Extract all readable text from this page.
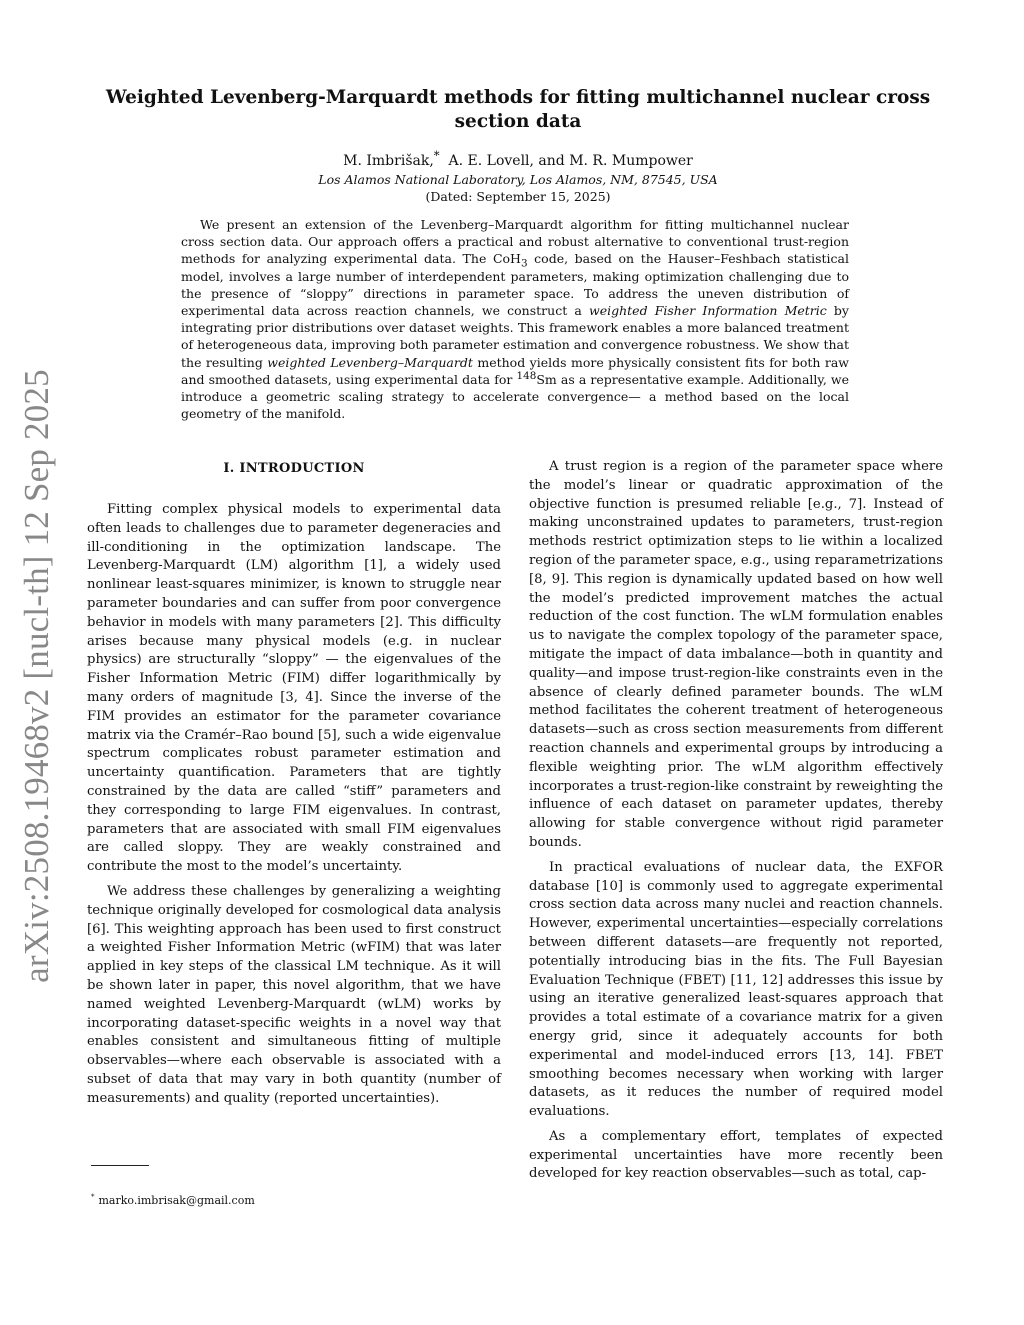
arXiv:2508.19468v2 [nucl-th] 12 Sep 2025
Weighted Levenberg-Marquardt methods for fitting multichannel nuclear cross section data
M. Imbrišak,* A. E. Lovell, and M. R. Mumpower
Los Alamos National Laboratory, Los Alamos, NM, 87545, USA
(Dated: September 15, 2025)

We present an extension of the Levenberg–Marquardt algorithm for fitting multichannel nuclear cross section data. Our approach offers a practical and robust alternative to conventional trust-region methods for analyzing experimental data. The CoH$_3$ code, based on the Hauser–Feshbach statistical model, involves a large number of interdependent parameters, making optimization challenging due to the presence of “sloppy” directions in parameter space. To address the uneven distribution of experimental data across reaction channels, we construct a weighted Fisher Information Metric by integrating prior distributions over dataset weights. This framework enables a more balanced treatment of heterogeneous data, improving both parameter estimation and convergence robustness. We show that the resulting weighted Levenberg–Marquardt method yields more physically consistent fits for both raw and smoothed datasets, using experimental data for $^{148}$Sm as a representative example. Additionally, we introduce a geometric scaling strategy to accelerate convergence— a method based on the local geometry of the manifold.

I. INTRODUCTION

Fitting complex physical models to experimental data often leads to challenges due to parameter degeneracies and ill-conditioning in the optimization landscape. The Levenberg-Marquardt (LM) algorithm [1], a widely used nonlinear least-squares minimizer, is known to struggle near parameter boundaries and can suffer from poor convergence behavior in models with many parameters [2]. This difficulty arises because many physical models (e.g. in nuclear physics) are structurally “sloppy” — the eigenvalues of the Fisher Information Metric (FIM) differ logarithmically by many orders of magnitude [3, 4]. Since the inverse of the FIM provides an estimator for the parameter covariance matrix via the Cramér–Rao bound [5], such a wide eigenvalue spectrum complicates robust parameter estimation and uncertainty quantification. Parameters that are tightly constrained by the data are called “stiff” parameters and they corresponding to large FIM eigenvalues. In contrast, parameters that are associated with small FIM eigenvalues are called sloppy. They are weakly constrained and contribute the most to the model’s uncertainty.

We address these challenges by generalizing a weighting technique originally developed for cosmological data analysis [6]. This weighting approach has been used to first construct a weighted Fisher Information Metric (wFIM) that was later applied in key steps of the classical LM technique. As it will be shown later in paper, this novel algorithm, that we have named weighted Levenberg-Marquardt (wLM) works by incorporating dataset-specific weights in a novel way that enables consistent and simultaneous fitting of multiple observables—where each observable is associated with a subset of data that may vary in both quantity (number of measurements) and quality (reported uncertainties).

A trust region is a region of the parameter space where the model’s linear or quadratic approximation of the objective function is presumed reliable [e.g., 7]. Instead of making unconstrained updates to parameters, trust-region methods restrict optimization steps to lie within a localized region of the parameter space, e.g., using reparametrizations [8, 9]. This region is dynamically updated based on how well the model’s predicted improvement matches the actual reduction of the cost function. The wLM formulation enables us to navigate the complex topology of the parameter space, mitigate the impact of data imbalance—both in quantity and quality—and impose trust-region-like constraints even in the absence of clearly defined parameter bounds. The wLM method facilitates the coherent treatment of heterogeneous datasets—such as cross section measurements from different reaction channels and experimental groups by introducing a flexible weighting prior. The wLM algorithm effectively incorporates a trust-region-like constraint by reweighting the influence of each dataset on parameter updates, thereby allowing for stable convergence without rigid parameter bounds.

In practical evaluations of nuclear data, the EXFOR database [10] is commonly used to aggregate experimental cross section data across many nuclei and reaction channels. However, experimental uncertainties—especially correlations between different datasets—are frequently not reported, potentially introducing bias in the fits. The Full Bayesian Evaluation Technique (FBET) [11, 12] addresses this issue by using an iterative generalized least-squares approach that provides a total estimate of a covariance matrix for a given energy grid, since it adequately accounts for both experimental and model-induced errors [13, 14]. FBET smoothing becomes necessary when working with larger datasets, as it reduces the number of required model evaluations.

As a complementary effort, templates of expected experimental uncertainties have more recently been developed for key reaction observables—such as total, cap-

* marko.imbrisak@gmail.com
